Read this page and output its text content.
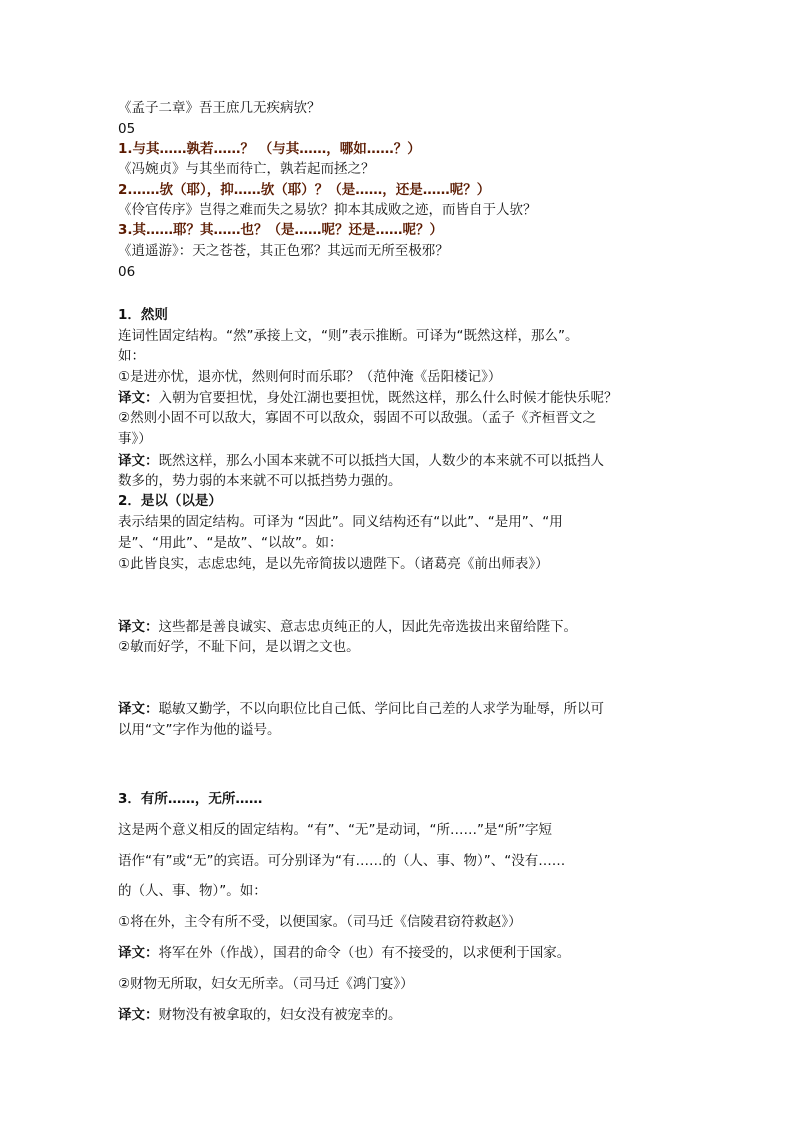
《孟子二章》吾王庶几无疾病欤？
05
1.与其……孰若……？ （与其……，哪如……？）
《冯婉贞》与其坐而待亡，孰若起而拯之？
2.……欤（耶），抑……欤（耶）？（是……，还是……呢？）
《伶官传序》岂得之难而失之易欤？抑本其成败之迹，而皆自于人欤？
3.其……耶？其……也？（是……呢？还是……呢？）
《逍遥游》：天之苍苍，其正色邪？其远而无所至极邪？
06
1．然则
连词性固定结构。“然”承接上文，“则”表示推断。可译为“既然这样，那么”。
如：
①是进亦忧，退亦忧，然则何时而乐耶？（范仲淹《岳阳楼记》）
译文：入朝为官要担忧，身处江湖也要担忧，既然这样，那么什么时候才能快乐呢？
②然则小固不可以敌大，寡固不可以敌众，弱固不可以敌强。（孟子《齐桓晋文之
事》）
译文：既然这样，那么小国本来就不可以抵挡大国，人数少的本来就不可以抵挡人
数多的，势力弱的本来就不可以抵挡势力强的。
2．是以（以是）
表示结果的固定结构。可译为 “因此”。同义结构还有“以此”、“是用”、“用
是”、“用此”、“是故”、“以故”。如：
①此皆良实，志虑忠纯，是以先帝简拔以遗陛下。（诸葛亮《前出师表》）
译文：这些都是善良诚实、意志忠贞纯正的人，因此先帝选拔出来留给陛下。
②敏而好学，不耻下问，是以谓之文也。
译文：聪敏又勤学，不以向职位比自己低、学问比自己差的人求学为耻辱，所以可
以用“文”字作为他的谥号。
3．有所……，无所……
这是两个意义相反的固定结构。“有”、“无”是动词，“所……”是“所”字短
语作“有”或“无”的宾语。可分别译为“有……的（人、事、物）”、“没有……
的（人、事、物）”。如：
①将在外，主令有所不受，以便国家。（司马迁《信陵君窃符救赵》）
译文：将军在外（作战），国君的命令（也）有不接受的，以求便利于国家。
②财物无所取，妇女无所幸。（司马迁《鸿门宴》）
译文：财物没有被拿取的，妇女没有被宠幸的。
